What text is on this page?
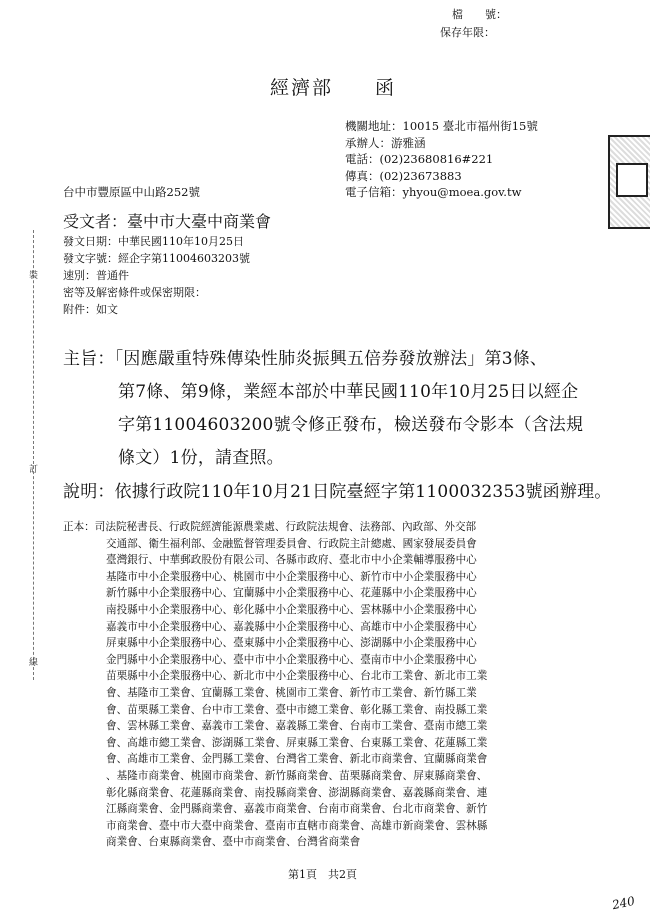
檔　　號：
保存年限：
經濟部　　函
機關地址：10015 臺北市福州街15號
承辦人：游雅涵
電話：(02)23680816#221
傳真：(02)23673883
電子信箱：yhyou@moea.gov.tw
台中市豐原區中山路252號
受文者：臺中市大臺中商業會
發文日期：中華民國110年10月25日
發文字號：經企字第11004603203號
速別：普通件
密等及解密條件或保密期限：
附件：如文
主旨：「因應嚴重特殊傳染性肺炎振興五倍券發放辦法」第3條、
第7條、第9條，業經本部於中華民國110年10月25日以經企
字第11004603200號令修正發布，檢送發布令影本（含法規
條文）1份，請查照。
說明：依據行政院110年10月21日院臺經字第1100032353號函辦理。
正本：司法院秘書長、行政院經濟能源農業處、行政院法規會、法務部、內政部、外交部
交通部、衛生福利部、金融監督管理委員會、行政院主計總處、國家發展委員會
臺灣銀行、中華郵政股份有限公司、各縣市政府、臺北市中小企業輔導服務中心
基隆市中小企業服務中心、桃園市中小企業服務中心、新竹市中小企業服務中心
新竹縣中小企業服務中心、宜蘭縣中小企業服務中心、花蓮縣中小企業服務中心
南投縣中小企業服務中心、彰化縣中小企業服務中心、雲林縣中小企業服務中心
嘉義市中小企業服務中心、嘉義縣中小企業服務中心、高雄市中小企業服務中心
屏東縣中小企業服務中心、臺東縣中小企業服務中心、澎湖縣中小企業服務中心
金門縣中小企業服務中心、臺中市中小企業服務中心、臺南市中小企業服務中心
苗栗縣中小企業服務中心、新北市中小企業服務中心、台北市工業會、新北市工業
會、基隆市工業會、宜蘭縣工業會、桃園市工業會、新竹市工業會、新竹縣工業
會、苗栗縣工業會、台中市工業會、臺中市總工業會、彰化縣工業會、南投縣工業
會、雲林縣工業會、嘉義市工業會、嘉義縣工業會、台南市工業會、臺南市總工業
會、高雄市總工業會、澎湖縣工業會、屏東縣工業會、台東縣工業會、花蓮縣工業
會、高雄市工業會、金門縣工業會、台灣省工業會、新北市商業會、宜蘭縣商業會
、基隆市商業會、桃園市商業會、新竹縣商業會、苗栗縣商業會、屏東縣商業會、
彰化縣商業會、花蓮縣商業會、南投縣商業會、澎湖縣商業會、嘉義縣商業會、連
江縣商業會、金門縣商業會、嘉義市商業會、台南市商業會、台北市商業會、新竹
市商業會、臺中市大臺中商業會、臺南市直轄市商業會、高雄市新商業會、雲林縣
商業會、台東縣商業會、臺中市商業會、台灣省商業會
第1頁　共2頁
240
裝
訂
線
